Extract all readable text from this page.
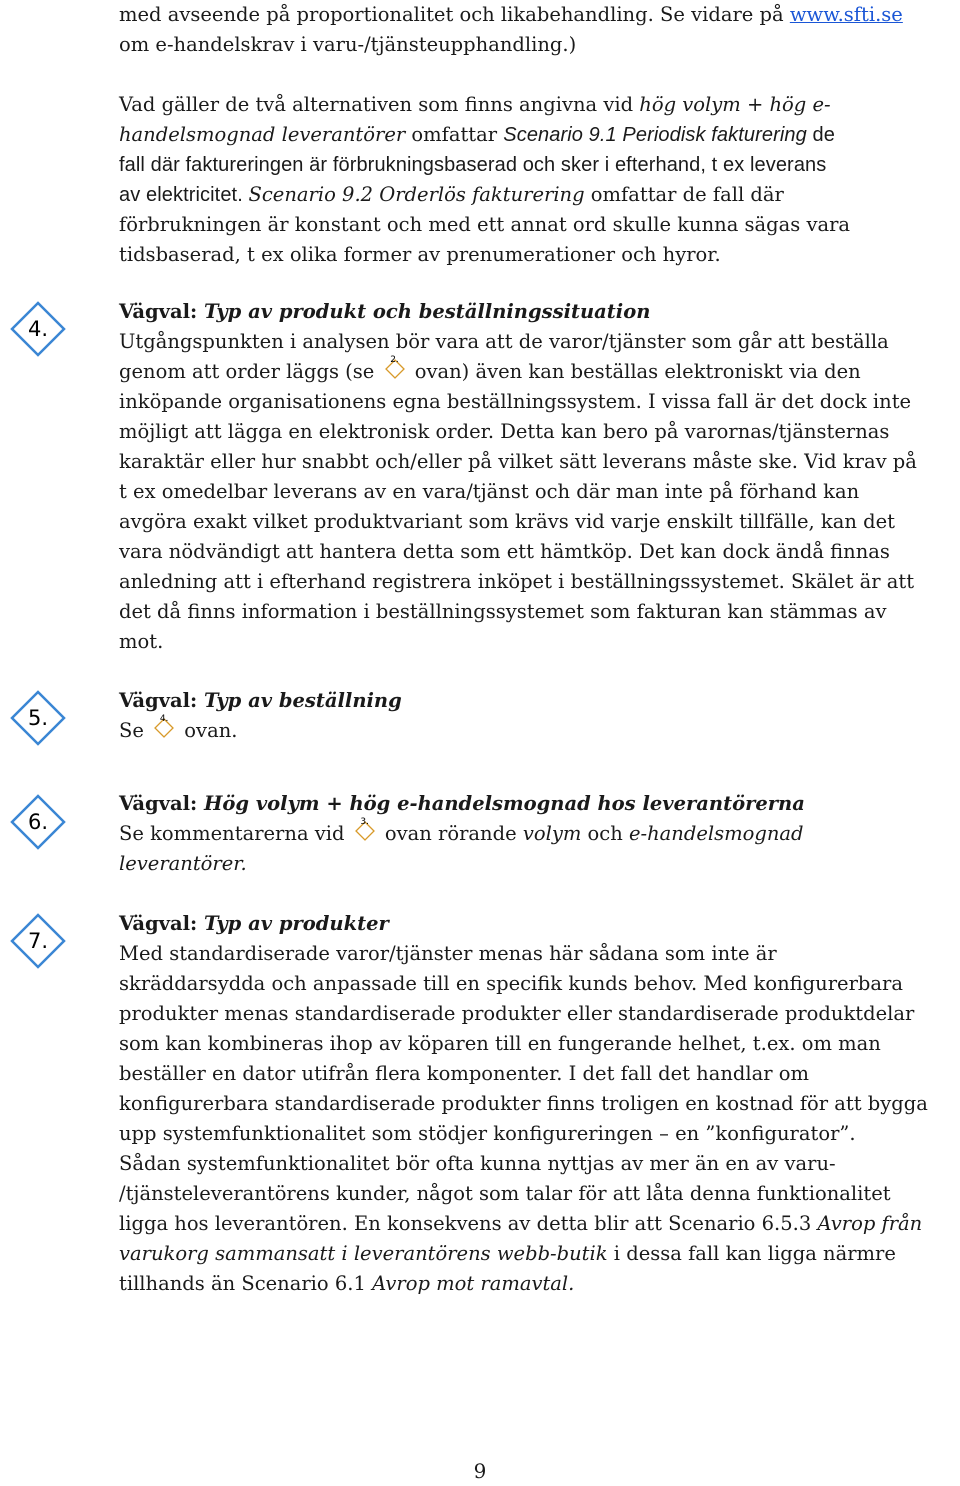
med avseende på proportionalitet och likabehandling. Se vidare på www.sfti.se
om e-handelskrav i varu-/tjänsteupphandling.)
Vad gäller de två alternativen som finns angivna vid hög volym + hög e-
handelsmognad leverantörer omfattar Scenario 9.1 Periodisk fakturering de
fall där faktureringen är förbrukningsbaserad och sker i efterhand, t ex leverans
av elektricitet. Scenario 9.2 Orderlös fakturering omfattar de fall där
förbrukningen är konstant och med ett annat ord skulle kunna sägas vara
tidsbaserad, t ex olika former av prenumerationer och hyror.
4.
Vägval: Typ av produkt och beställningssituation
Utgångspunkten i analysen bör vara att de varor/tjänster som går att beställa
genom att order läggs (se	2. ovan) även kan beställas elektroniskt via den
inköpande organisationens egna beställningssystem. I vissa fall är det dock inte
möjligt att lägga en elektronisk order. Detta kan bero på varornas/tjänsternas
karaktär eller hur snabbt och/eller på vilket sätt leverans måste ske. Vid krav på
t ex omedelbar leverans av en vara/tjänst och där man inte på förhand kan
avgöra exakt vilket produktvariant som krävs vid varje enskilt tillfälle, kan det
vara nödvändigt att hantera detta som ett hämtköp. Det kan dock ändå finnas
anledning att i efterhand registrera inköpet i beställningssystemet. Skälet är att
det då finns information i beställningssystemet som fakturan kan stämmas av
mot.
5.
Vägval: Typ av beställning
Se	4. ovan.
6.
Vägval: Hög volym + hög e-handelsmognad hos leverantörerna
Se kommentarerna vid	3. ovan rörande volym och e-handelsmognad
leverantörer.
7.
Vägval: Typ av produkter
Med standardiserade varor/tjänster menas här sådana som inte är
skräddarsydda och anpassade till en specifik kunds behov. Med konfigurerbara
produkter menas standardiserade produkter eller standardiserade produktdelar
som kan kombineras ihop av köparen till en fungerande helhet, t.ex. om man
beställer en dator utifrån flera komponenter. I det fall det handlar om
konfigurerbara standardiserade produkter finns troligen en kostnad för att bygga
upp systemfunktionalitet som stödjer konfigureringen – en ”konfigurator”.
Sådan systemfunktionalitet bör ofta kunna nyttjas av mer än en av varu-
/tjänsteleverantörens kunder, något som talar för att låta denna funktionalitet
ligga hos leverantören. En konsekvens av detta blir att Scenario 6.5.3 Avrop från
varukorg sammansatt i leverantörens webb-butik i dessa fall kan ligga närmre
tillhands än Scenario 6.1 Avrop mot ramavtal.
9
